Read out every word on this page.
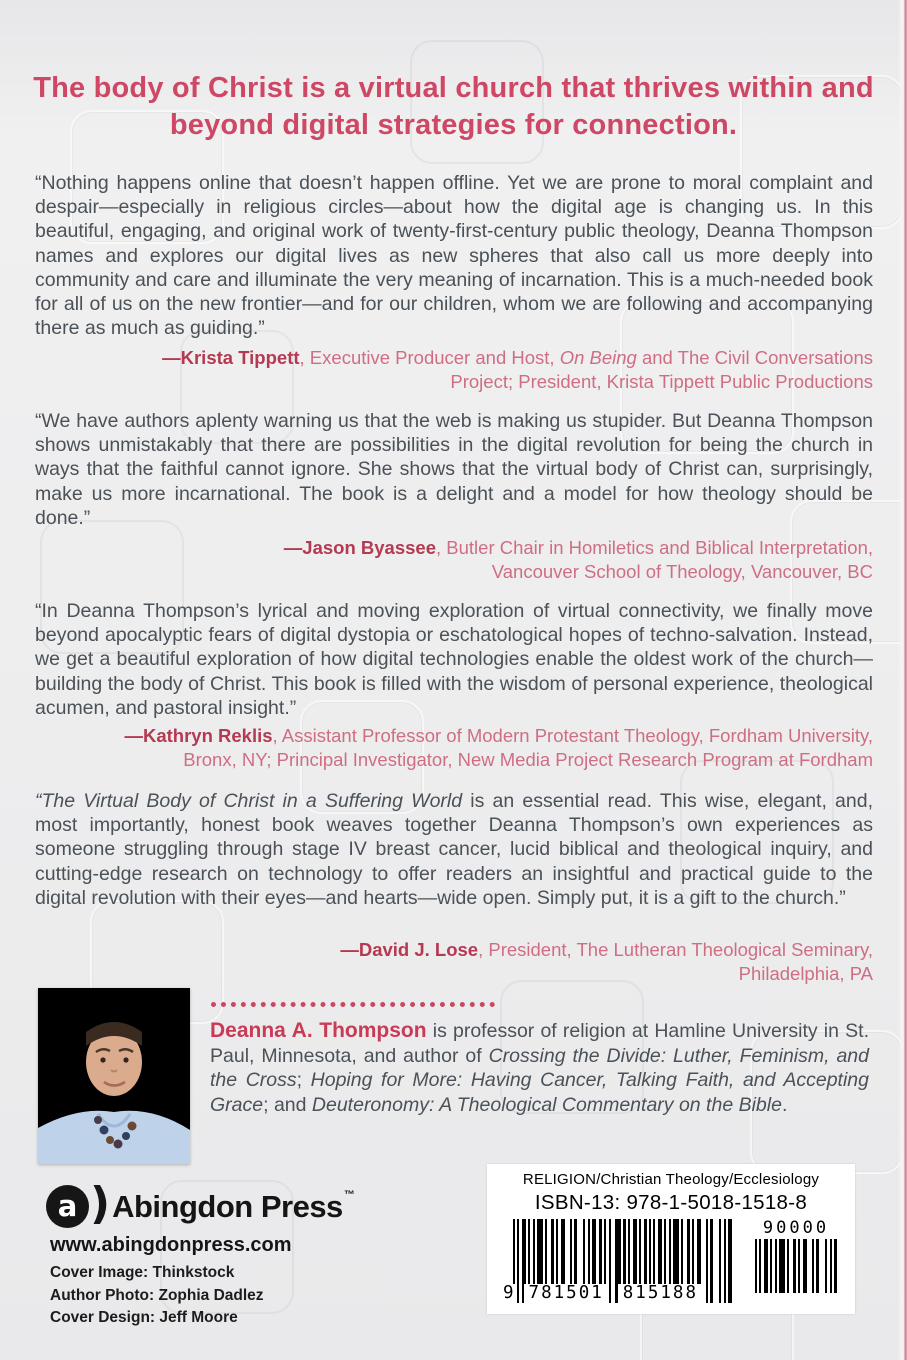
The body of Christ is a virtual church that thrives within and beyond digital strategies for connection.
“Nothing happens online that doesn’t happen offline. Yet we are prone to moral complaint and despair—especially in religious circles—about how the digital age is changing us. In this beautiful, engaging, and original work of twenty-first-century public theology, Deanna Thompson names and explores our digital lives as new spheres that also call us more deeply into community and care and illuminate the very meaning of incarnation. This is a much-needed book for all of us on the new frontier—and for our children, whom we are following and accompanying there as much as guiding.”
—Krista Tippett, Executive Producer and Host, On Being and The Civil Conversations
Project; President, Krista Tippett Public Productions
“We have authors aplenty warning us that the web is making us stupider. But Deanna Thompson shows unmistakably that there are possibilities in the digital revolution for being the church in ways that the faithful cannot ignore. She shows that the virtual body of Christ can, surprisingly, make us more incarnational. The book is a delight and a model for how theology should be done.”
—Jason Byassee, Butler Chair in Homiletics and Biblical Interpretation,
Vancouver School of Theology, Vancouver, BC
“In Deanna Thompson’s lyrical and moving exploration of virtual connectivity, we finally move beyond apocalyptic fears of digital dystopia or eschatological hopes of techno-salvation. Instead, we get a beautiful exploration of how digital technologies enable the oldest work of the church—building the body of Christ. This book is filled with the wisdom of personal experience, theological acumen, and pastoral insight.”
—Kathryn Reklis, Assistant Professor of Modern Protestant Theology, Fordham University,
Bronx, NY; Principal Investigator, New Media Project Research Program at Fordham
“The Virtual Body of Christ in a Suffering World is an essential read. This wise, elegant, and, most importantly, honest book weaves together Deanna Thompson’s own experiences as someone struggling through stage IV breast cancer, lucid biblical and theological inquiry, and cutting-edge research on technology to offer readers an insightful and practical guide to the digital revolution with their eyes—and hearts—wide open. Simply put, it is a gift to the church.”
—David J. Lose, President, The Lutheran Theological Seminary,
Philadelphia, PA
Deanna A. Thompson is professor of religion at Hamline University in St. Paul, Minnesota, and author of Crossing the Divide: Luther, Feminism, and the Cross; Hoping for More: Having Cancer, Talking Faith, and Accepting Grace; and Deuteronomy: A Theological Commentary on the Bible.
a ) Abingdon Press™
www.abingdonpress.com
Cover Image: Thinkstock
Author Photo: Zophia Dadlez
Cover Design: Jeff Moore
RELIGION/Christian Theology/Ecclesiology
ISBN-13: 978-1-5018-1518-8
9 781501 815188
90000
